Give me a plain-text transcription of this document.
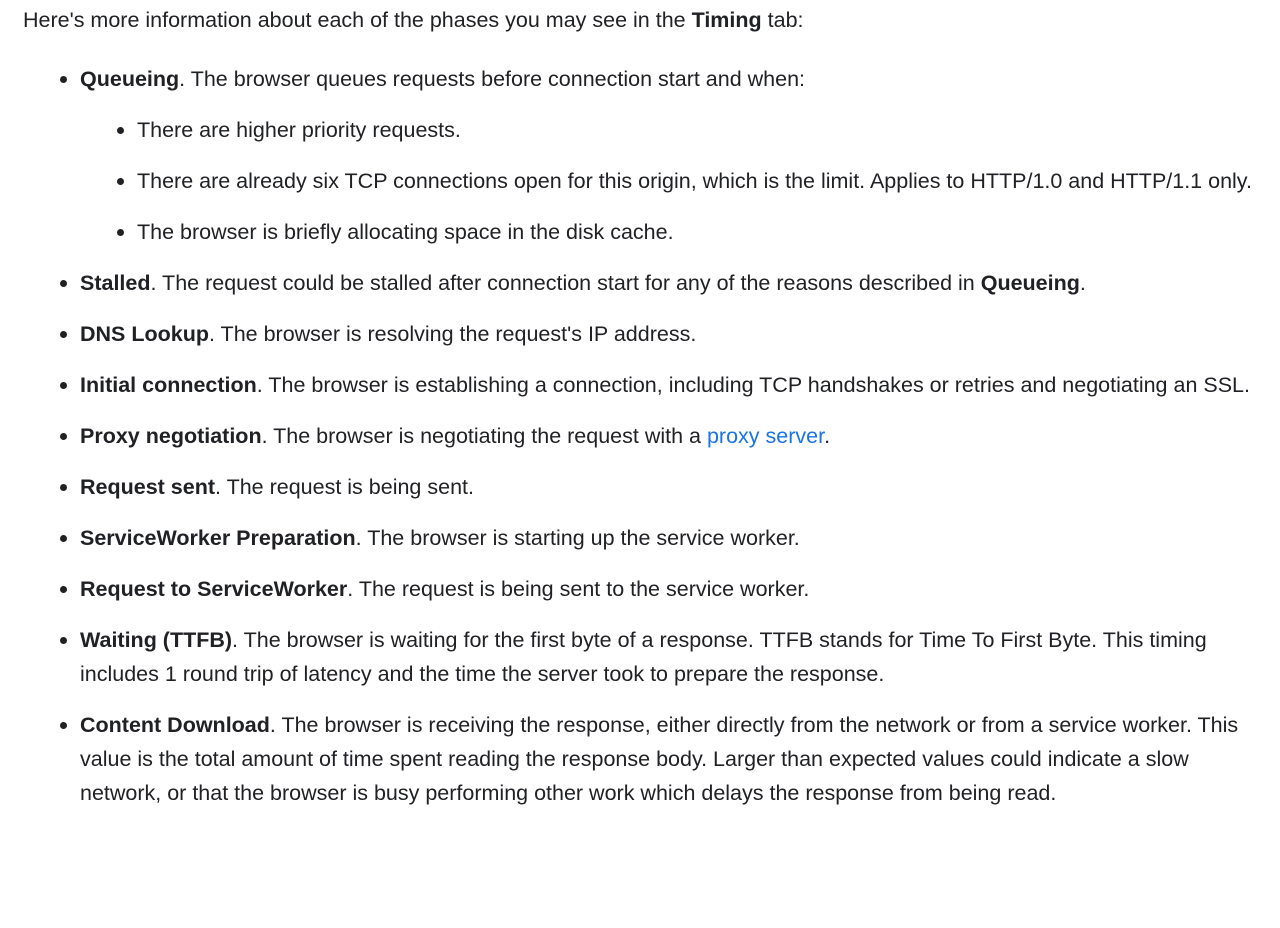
Here's more information about each of the phases you may see in the Timing tab:

Queueing. The browser queues requests before connection start and when:
There are higher priority requests.
There are already six TCP connections open for this origin, which is the limit. Applies to HTTP/1.0 and HTTP/1.1 only.
The browser is briefly allocating space in the disk cache.
Stalled. The request could be stalled after connection start for any of the reasons described in Queueing.
DNS Lookup. The browser is resolving the request's IP address.
Initial connection. The browser is establishing a connection, including TCP handshakes or retries and negotiating an SSL.
Proxy negotiation. The browser is negotiating the request with a proxy server.
Request sent. The request is being sent.
ServiceWorker Preparation. The browser is starting up the service worker.
Request to ServiceWorker. The request is being sent to the service worker.
Waiting (TTFB). The browser is waiting for the first byte of a response. TTFB stands for Time To First Byte. This timing includes 1 round trip of latency and the time the server took to prepare the response.
Content Download. The browser is receiving the response, either directly from the network or from a service worker. This value is the total amount of time spent reading the response body. Larger than expected values could indicate a slow network, or that the browser is busy performing other work which delays the response from being read.
